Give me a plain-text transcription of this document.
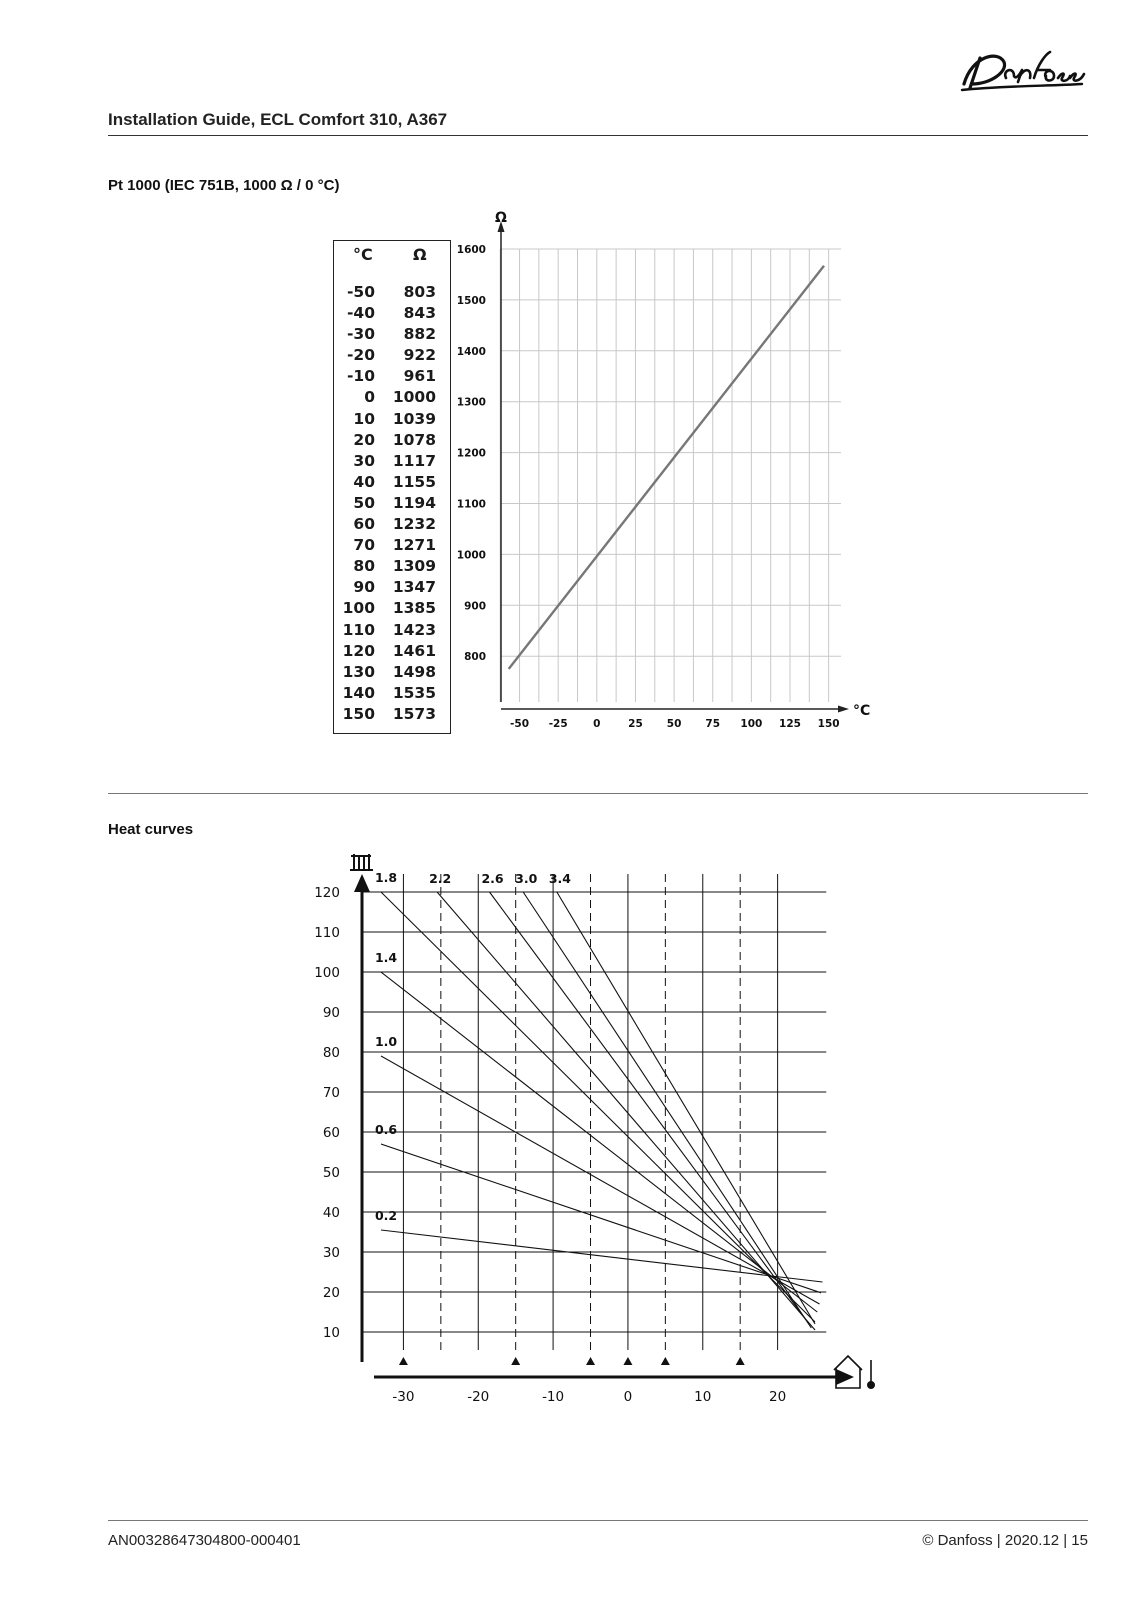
Installation Guide, ECL Comfort 310, A367
Pt 1000 (IEC 751B, 1000 Ω / 0 °C)
°C	Ω
-50 803
-40 843
-30 882
-20 922
-10 961
0 1000
10 1039
20 1078
30 1117
40 1155
50 1194
60 1232
70 1271
80 1309
90 1347
100 1385
110 1423
120 1461
130 1498
140 1535
150 1573
800
900
1000
1100
1200
1300
1400
1500
1600
-50 -25 0	25 50 75 100 125 150
Ω
°C
Heat curves
10
20
30
40
50
60
70
80
90
100
110
120
-30	-20	-10	0	10	20
0.2
0.6
1.0
1.4
1.8	2.2 2.6 3.0 3.4
AN00328647304800-000401	© Danfoss | 2020.12 | 15
